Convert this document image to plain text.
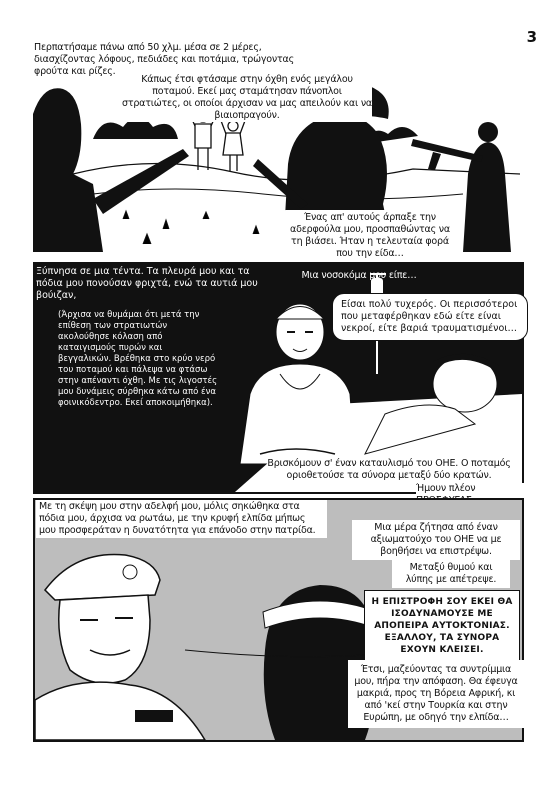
3
Περπατήσαμε πάνω από 50 χλμ. μέσα σε 2 μέρες, διασχίζοντας λόφους, πεδιάδες και ποτάμια, τρώγοντας φρούτα και ρίζες.
Κάπως έτσι φτάσαμε στην όχθη ενός μεγάλου ποταμού. Εκεί μας σταμάτησαν πάνοπλοι στρατιώτες, οι οποίοι άρχισαν να μας απειλούν και να βιαιοπραγούν.
Ένας απ' αυτούς άρπαξε την αδερφούλα μου, προσπαθώντας να τη βιάσει. Ήταν η τελευταία φορά που την είδα…
Ξύπνησα σε μια τέντα. Τα πλευρά μου και τα πόδια μου πονούσαν φριχτά, ενώ τα αυτιά μου βούιζαν,
(Άρχισα να θυμάμαι ότι μετά την επίθεση των στρατιωτών ακολούθησε κόλαση από καταιγισμούς πυρών και βεγγαλικών. Βρέθηκα στο κρύο νερό του ποταμού και πάλεψα να φτάσω στην απέναντι όχθη. Με τις λιγοστές μου δυνάμεις σύρθηκα κάτω από ένα φοινικόδεντρο. Εκεί αποκοιμήθηκα).
Μια νοσοκόμα μου είπε…
Είσαι πολύ τυχερός. Οι περισσότεροι που μεταφέρθηκαν εδώ είτε είναι νεκροί, είτε βαριά τραυματισμένοι…
Βρισκόμουν σ' έναν καταυλισμό του ΟΗΕ. Ο ποταμός οριοθετούσε τα σύνορα μεταξύ δύο κρατών.
Ήμουν πλέον
Με τη σκέψη μου στην αδελφή μου, μόλις σηκώθηκα στα πόδια μου, άρχισα να ρωτάω, με την κρυφή ελπίδα μήπως μου προσφεράταν η δυνατότητα για επάνοδο στην πατρίδα.	Μια μέρα ζήτησα από έναν αξιωματούχο του ΟΗΕ να με βοηθήσει να επιστρέψω.
Μεταξύ θυμού και λύπης με απέτρεψε.
Η ΕΠΙΣΤΡΟΦΗ ΣΟΥ ΕΚΕΙ ΘΑ ΙΣΟΔΥΝΑΜΟΥΣΕ ΜΕ ΑΠΟΠΕΙΡΑ ΑΥΤΟΚΤΟΝΙΑΣ. ΕΞΑΛΛΟΥ, ΤΑ ΣΥΝΟΡΑ ΕΧΟΥΝ ΚΛΕΙΣΕΙ.
Έτσι, μαζεύοντας τα συντρίμμια μου, πήρα την απόφαση. Θα έφευγα μακριά, προς τη Βόρεια Αφρική, κι από 'κεί στην Τουρκία και στην Ευρώπη, με οδηγό την ελπίδα…
